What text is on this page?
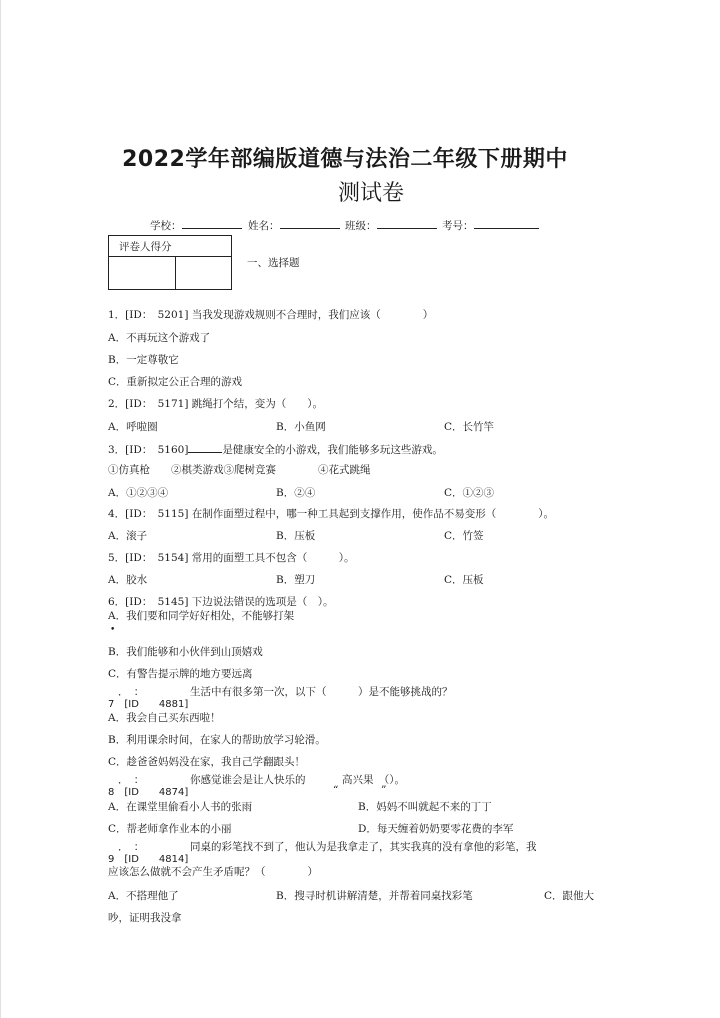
2022学年部编版道德与法治二年级下册期中
测试卷
学校：	姓名：	班级：	考号：
评卷人得分

一、选择题
1．[ID：　5201] 当我发现游戏规则不合理时，我们应该（　　　　）
A．不再玩这个游戏了
B．一定尊敬它
C．重新拟定公正合理的游戏
2．[ID：　5171] 跳绳打个结，变为（　　）。
A．呼啦圈	B．小鱼网	C．长竹竿
3．[ID：　5160]	是健康安全的小游戏，我们能够多玩这些游戏。
①仿真枪　　②棋类游戏③爬树竞赛　　　　④花式跳绳
A．①②③④	B．②④	C．①②③
4．[ID：　5115] 在制作面塑过程中，哪一种工具起到支撑作用，使作品不易变形（　　　　）。
A．滚子	B．压板	C．竹签
5．[ID：　5154] 常用的面塑工具不包含（　　　）。
A．胶水	B．塑刀	C．压板
6．[ID：　5145] 下边说法错误的选项是（　）。
A．我们要和同学好好相处，不能够打架
•
B．我们能够和小伙伴到山顶嬉戏
C．有警告提示牌的地方要远离
．　：	生活中有很多第一次，以下（　　　）是不能够挑战的？
7　[ID　　4881]
A．我会自己买东西啦！
B．利用课余时间，在家人的帮助放学习轮滑。
C．趁爸爸妈妈没在家，我自己学翻跟头！
．　：	你感觉谁会是让人快乐的	高兴果　（）。
“	”
8　[ID　　4874]
A．在课堂里偷看小人书的张雨	B．妈妈不叫就起不来的丁丁
C．帮老师拿作业本的小丽	D．每天缠着奶奶要零花费的李军
．　：	同桌的彩笔找不到了，他认为是我拿走了，其实我真的没有拿他的彩笔，我
9　[ID　　4814]
应该怎么做就不会产生矛盾呢？（　　　　）
A．不搭理他了	B．搜寻时机讲解清楚，并帮着同桌找彩笔	C．跟他大
吵，证明我没拿
